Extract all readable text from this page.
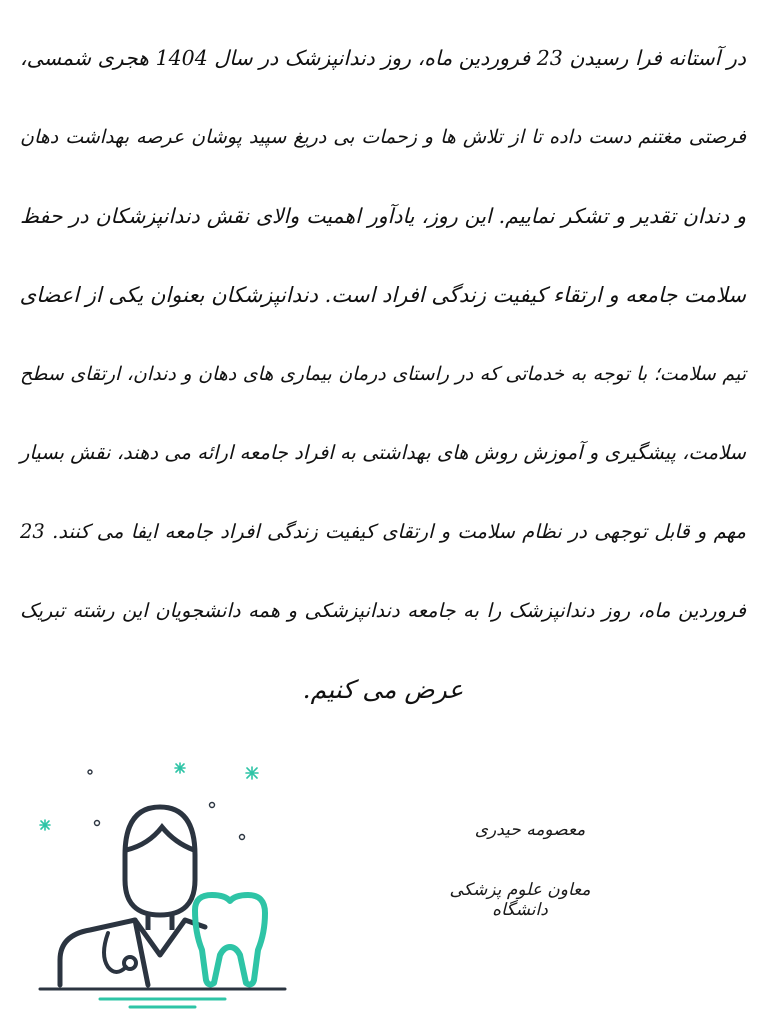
در آستانه فرا رسیدن 23 فروردین ماه، روز دندانپزشک در سال 1404 هجری شمسی،
فرصتی مغتنم دست داده تا از تلاش ها و زحمات بی دریغ سپید پوشان عرصه بهداشت دهان
و دندان تقدیر و تشکر نماییم. این روز، یادآور اهمیت والای نقش دندانپزشکان در حفظ
سلامت جامعه و ارتقاء کیفیت زندگی افراد است. دندانپزشکان بعنوان یکی از اعضای
تیم سلامت؛ با توجه به خدماتی که در راستای درمان بیماری های دهان و دندان، ارتقای سطح
سلامت، پیشگیری و آموزش روش های بهداشتی به افراد جامعه ارائه می دهند، نقش بسیار
مهم و قابل توجهی در نظام سلامت و ارتقای کیفیت زندگی افراد جامعه ایفا می کنند. 23
فروردین ماه، روز دندانپزشک را به جامعه دندانپزشکی و همه دانشجویان این رشته تبریک
عرض می کنیم.
معصومه حیدری
معاون علوم پزشکی دانشگاه
